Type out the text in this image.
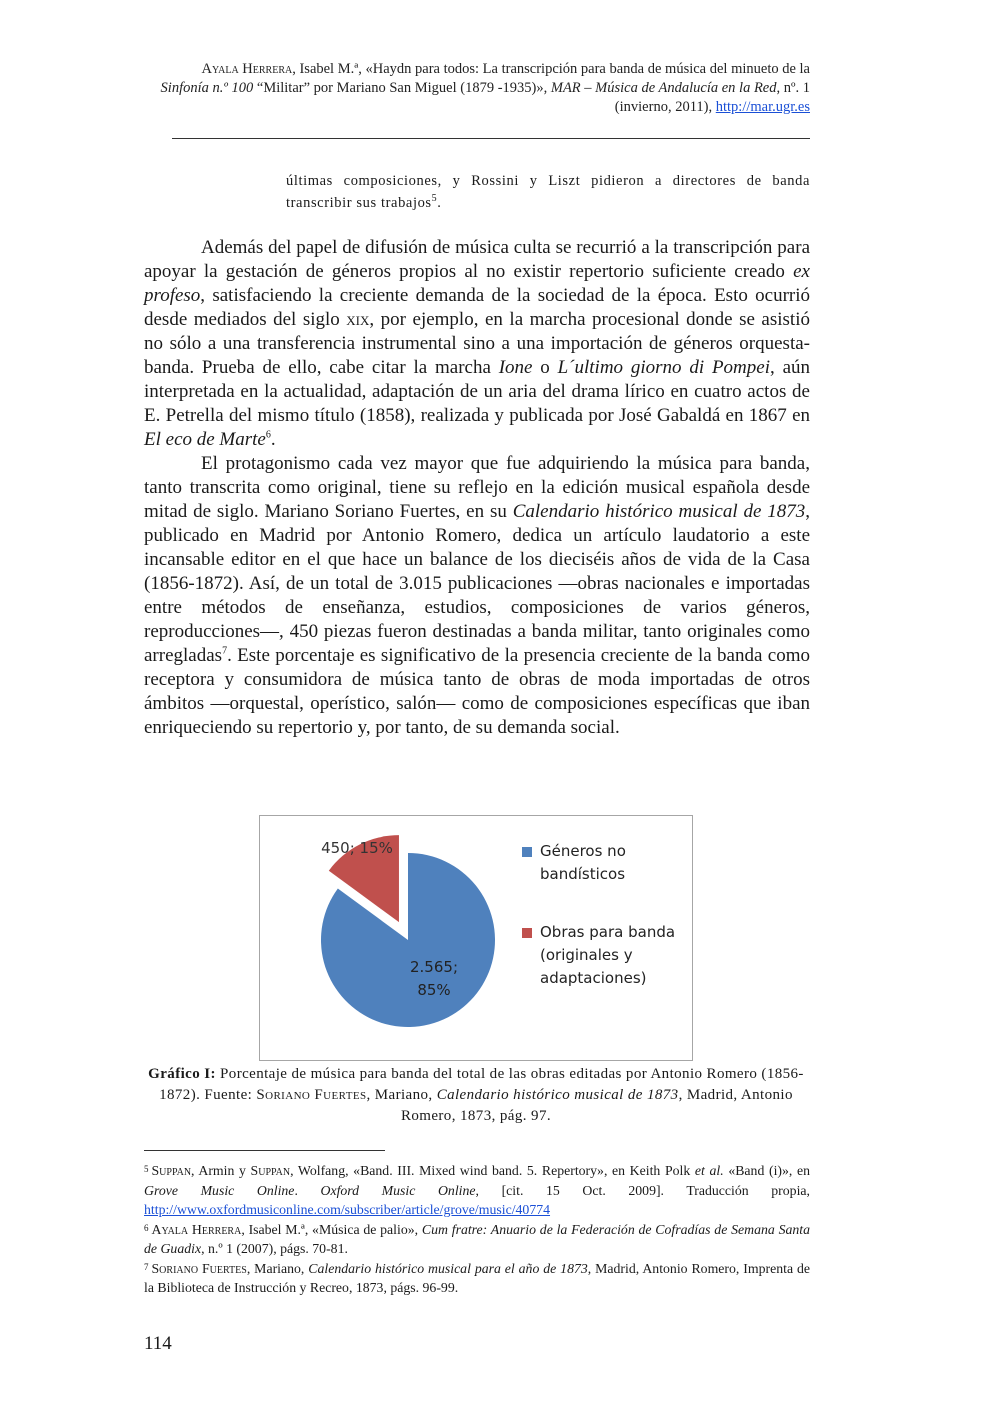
Ayala Herrera, Isabel M.ª, «Haydn para todos: La transcripción para banda de música del minueto de la Sinfonía n.º 100 “Militar” por Mariano San Miguel (1879 -1935)», MAR – Música de Andalucía en la Red, nº. 1 (invierno, 2011), http://mar.ugr.es
últimas composiciones, y Rossini y Liszt pidieron a directores de banda transcribir sus trabajos$^5$.

Además del papel de difusión de música culta se recurrió a la transcripción para apoyar la gestación de géneros propios al no existir repertorio suficiente creado ex profeso, satisfaciendo la creciente demanda de la sociedad de la época. Esto ocurrió desde mediados del siglo xix, por ejemplo, en la marcha procesional donde se asistió no sólo a una transferencia instrumental sino a una importación de géneros orquesta-banda. Prueba de ello, cabe citar la marcha Ione o L´ultimo giorno di Pompei, aún interpretada en la actualidad, adaptación de un aria del drama lírico en cuatro actos de E. Petrella del mismo título (1858), realizada y publicada por José Gabaldá en 1867 en El eco de Marte$^6$.

El protagonismo cada vez mayor que fue adquiriendo la música para banda, tanto transcrita como original, tiene su reflejo en la edición musical española desde mitad de siglo. Mariano Soriano Fuertes, en su Calendario histórico musical de 1873, publicado en Madrid por Antonio Romero, dedica un artículo laudatorio a este incansable editor en el que hace un balance de los dieciséis años de vida de la Casa (1856-1872). Así, de un total de 3.015 publicaciones —obras nacionales e importadas entre métodos de enseñanza, estudios, composiciones de varios géneros, reproducciones—, 450 piezas fueron destinadas a banda militar, tanto originales como arregladas$^7$. Este porcentaje es significativo de la presencia creciente de la banda como receptora y consumidora de música tanto de obras de moda importadas de otros ámbitos —orquestal, operístico, salón— como de composiciones específicas que iban enriqueciendo su repertorio y, por tanto, de su demanda social.

450; 15%
2.565;
85%
Géneros no bandísticos
Obras para banda (originales y adaptaciones)
Gráfico I: Porcentaje de música para banda del total de las obras editadas por Antonio Romero (1856-1872). Fuente: Soriano Fuertes, Mariano, Calendario histórico musical de 1873, Madrid, Antonio Romero, 1873, pág. 97.

$^5$ Suppan, Armin y Suppan, Wolfang, «Band. III. Mixed wind band. 5. Repertory», en Keith Polk et al. «Band (i)», en Grove Music Online. Oxford Music Online, [cit. 15 Oct. 2009]. Traducción propia, http://www.oxfordmusiconline.com/subscriber/article/grove/music/40774

$^6$ Ayala Herrera, Isabel M.ª, «Música de palio», Cum fratre: Anuario de la Federación de Cofradías de Semana Santa de Guadix, n.º 1 (2007), págs. 70-81.

$^7$ Soriano Fuertes, Mariano, Calendario histórico musical para el año de 1873, Madrid, Antonio Romero, Imprenta de la Biblioteca de Instrucción y Recreo, 1873, págs. 96-99.

114
